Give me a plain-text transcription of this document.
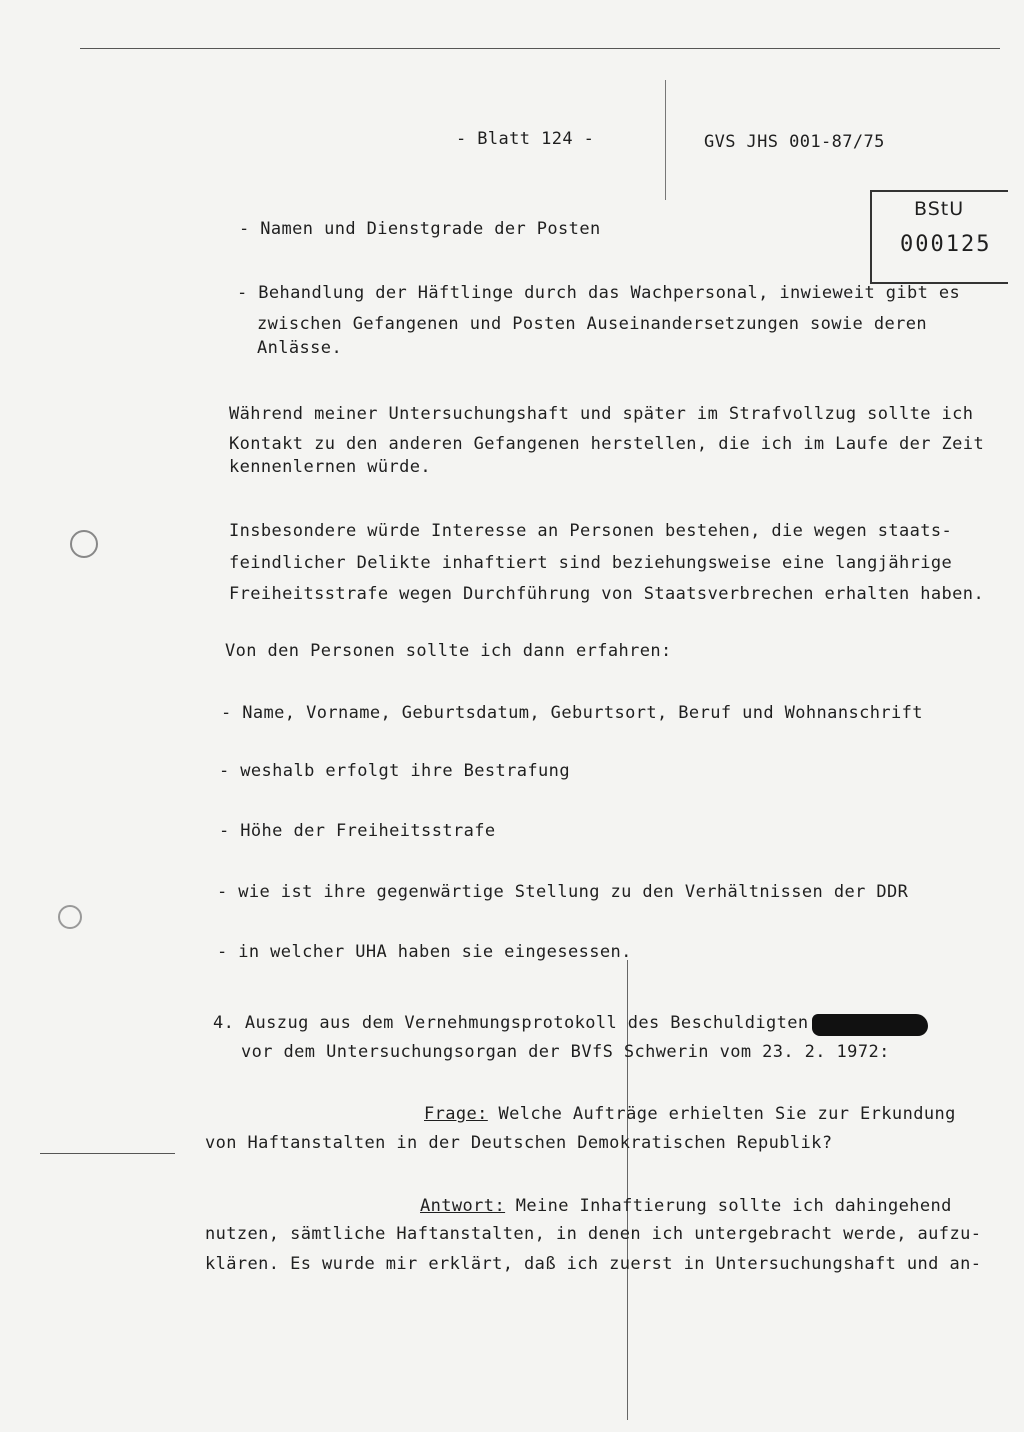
- Blatt 124 -	GVS JHS 001-87/75
BStU
000125
- Namen und Dienstgrade der Posten
- Behandlung der Häftlinge durch das Wachpersonal, inwieweit gibt es
zwischen Gefangenen und Posten Auseinandersetzungen sowie deren
Anlässe.
Während meiner Untersuchungshaft und später im Strafvollzug sollte ich
Kontakt zu den anderen Gefangenen herstellen, die ich im Laufe der Zeit
kennenlernen würde.
Insbesondere würde Interesse an Personen bestehen, die wegen staats-
feindlicher Delikte inhaftiert sind beziehungsweise eine langjährige
Freiheitsstrafe wegen Durchführung von Staatsverbrechen erhalten haben.
Von den Personen sollte ich dann erfahren:
- Name, Vorname, Geburtsdatum, Geburtsort, Beruf und Wohnanschrift
- weshalb erfolgt ihre Bestrafung
- Höhe der Freiheitsstrafe
- wie ist ihre gegenwärtige Stellung zu den Verhältnissen der DDR
- in welcher UHA haben sie eingesessen.
4. Auszug aus dem Vernehmungsprotokoll des Beschuldigten
vor dem Untersuchungsorgan der BVfS Schwerin vom 23. 2. 1972:
Frage: Welche Aufträge erhielten Sie zur Erkundung
von Haftanstalten in der Deutschen Demokratischen Republik?
Antwort: Meine Inhaftierung sollte ich dahingehend
nutzen, sämtliche Haftanstalten, in denen ich untergebracht werde, aufzu-
klären. Es wurde mir erklärt, daß ich zuerst in Untersuchungshaft und an-
